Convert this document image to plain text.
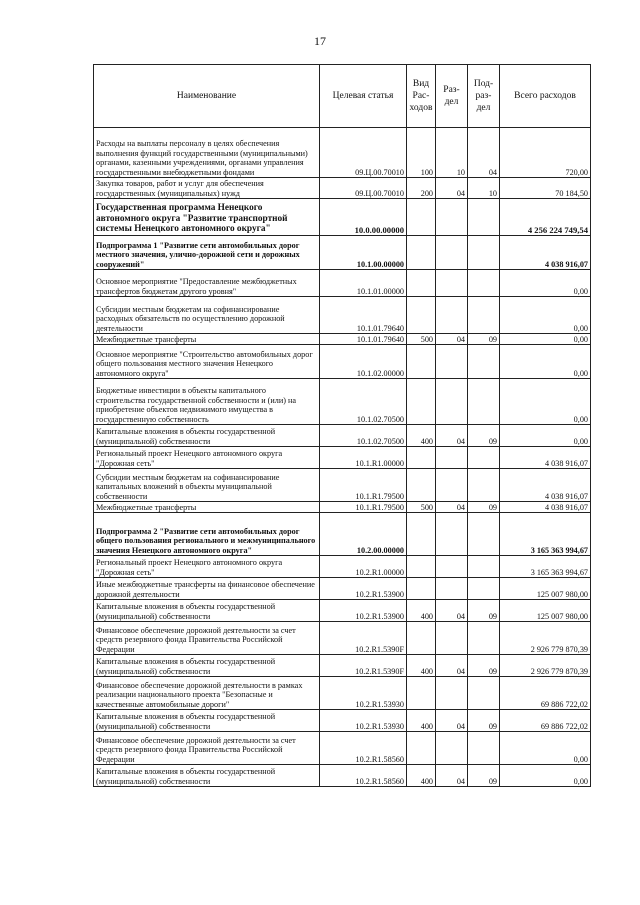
17
Наименование	Целевая статья	Вид Рас-ходов	Раз-дел	Под-раз-дел	Всего расходов
Расходы на выплаты персоналу в целях обеспечения выполнения функций государственными (муниципальными) органами, казенными учреждениями, органами управления государственными внебюджетными фондами	09.Ц.00.70010	100	10	04	720,00
Закупка товаров, работ и услуг для обеспечения государственных (муниципальных) нужд	09.Ц.00.70010	200	04	10	70 184,50
Государственная программа Ненецкого автономного округа "Развитие транспортной системы Ненецкого автономного округа"	10.0.00.00000				4 256 224 749,54
Подпрограмма 1 "Развитие сети автомобильных дорог местного значения, улично-дорожной сети и дорожных сооружений"	10.1.00.00000				4 038 916,07
Основное мероприятие "Предоставление межбюджетных трансфертов бюджетам другого уровня"	10.1.01.00000				0,00
Субсидии местным бюджетам на софинансирование расходных обязательств по осуществлению дорожной деятельности	10.1.01.79640				0,00
Межбюджетные трансферты	10.1.01.79640	500	04	09	0,00
Основное мероприятие "Строительство автомобильных дорог общего пользования местного значения Ненецкого автономного округа"	10.1.02.00000				0,00
Бюджетные инвестиции в объекты капитального строительства государственной собственности и (или) на приобретение объектов недвижимого имущества в государственную собственность	10.1.02.70500				0,00
Капитальные вложения в объекты государственной (муниципальной) собственности	10.1.02.70500	400	04	09	0,00
Региональный проект Ненецкого автономного округа "Дорожная сеть"	10.1.R1.00000				4 038 916,07
Субсидии местным бюджетам на софинансирование капитальных вложений в объекты муниципальной собственности	10.1.R1.79500				4 038 916,07
Межбюджетные трансферты	10.1.R1.79500	500	04	09	4 038 916,07
Подпрограмма 2 "Развитие сети автомобильных дорог общего пользования регионального и межмуниципального значения Ненецкого автономного округа"	10.2.00.00000				3 165 363 994,67
Региональный проект Ненецкого автономного округа "Дорожная сеть"	10.2.R1.00000				3 165 363 994,67
Иные межбюджетные трансферты на финансовое обеспечение дорожной деятельности	10.2.R1.53900				125 007 980,00
Капитальные вложения в объекты государственной (муниципальной) собственности	10.2.R1.53900	400	04	09	125 007 980,00
Финансовое обеспечение дорожной деятельности за счет средств резервного фонда Правительства Российской Федерации	10.2.R1.5390F				2 926 779 870,39
Капитальные вложения в объекты государственной (муниципальной) собственности	10.2.R1.5390F	400	04	09	2 926 779 870,39
Финансовое обеспечение дорожной деятельности в рамках реализации национального проекта "Безопасные и качественные автомобильные дороги"	10.2.R1.53930				69 886 722,02
Капитальные вложения в объекты государственной (муниципальной) собственности	10.2.R1.53930	400	04	09	69 886 722,02
Финансовое обеспечение дорожной деятельности за счет средств резервного фонда Правительства Российской Федерации	10.2.R1.58560				0,00
Капитальные вложения в объекты государственной (муниципальной) собственности	10.2.R1.58560	400	04	09	0,00
